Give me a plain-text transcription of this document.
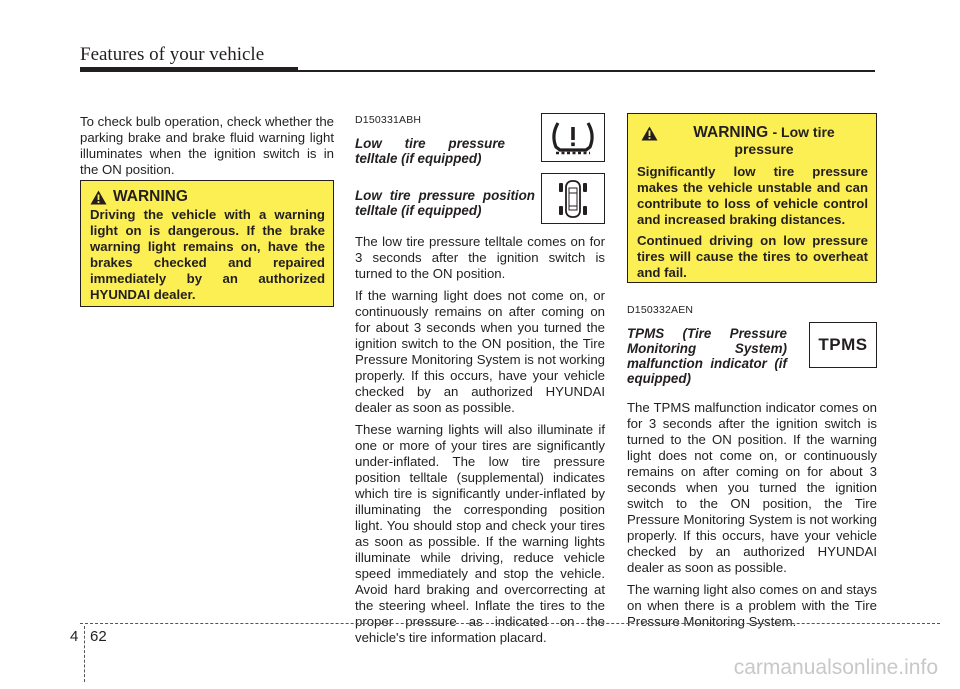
Features of your vehicle

To check bulb operation, check whether the parking brake and brake fluid warning light illuminates when the ignition switch is in the ON position.

WARNING
Driving the vehicle with a warning light on is dangerous. If the brake warning light remains on, have the brakes checked and repaired immediately by an authorized HYUNDAI dealer.

D150331ABH

Low tire pressure telltale (if equipped)

Low tire pressure position telltale (if equipped)

The low tire pressure telltale comes on for 3 seconds after the ignition switch is turned to the ON position.

If the warning light does not come on, or continuously remains on after coming on for about 3 seconds when you turned the ignition switch to the ON position, the Tire Pressure Monitoring System is not working properly. If this occurs, have your vehicle checked by an authorized HYUNDAI dealer as soon as possible.

These warning lights will also illuminate if one or more of your tires are significantly under-inflated. The low tire pressure position telltale (supplemental) indicates which tire is significantly under-inflated by illuminating the corresponding position light. You should stop and check your tires as soon as possible. If the warning lights illuminate while driving, reduce vehicle speed immediately and stop the vehicle. Avoid hard braking and overcorrecting at the steering wheel. Inflate the tires to the proper pressure as indicated on the vehicle's tire information placard.

WARNING - Low tire pressure

Significantly low tire pressure makes the vehicle unstable and can contribute to loss of vehicle control and increased braking distances.

Continued driving on low pressure tires will cause the tires to overheat and fail.

D150332AEN

TPMS (Tire Pressure Monitoring System) malfunction indicator (if equipped)

The TPMS malfunction indicator comes on for 3 seconds after the ignition switch is turned to the ON position. If the warning light does not come on, or continuously remains on after coming on for about 3 seconds when you turned the ignition switch to the ON position, the Tire Pressure Monitoring System is not working properly. If this occurs, have your vehicle checked by an authorized HYUNDAI dealer as soon as possible.

The warning light also comes on and stays on when there is a problem with the Tire Pressure Monitoring System.

TPMS
4 62
carmanualsonline.info
